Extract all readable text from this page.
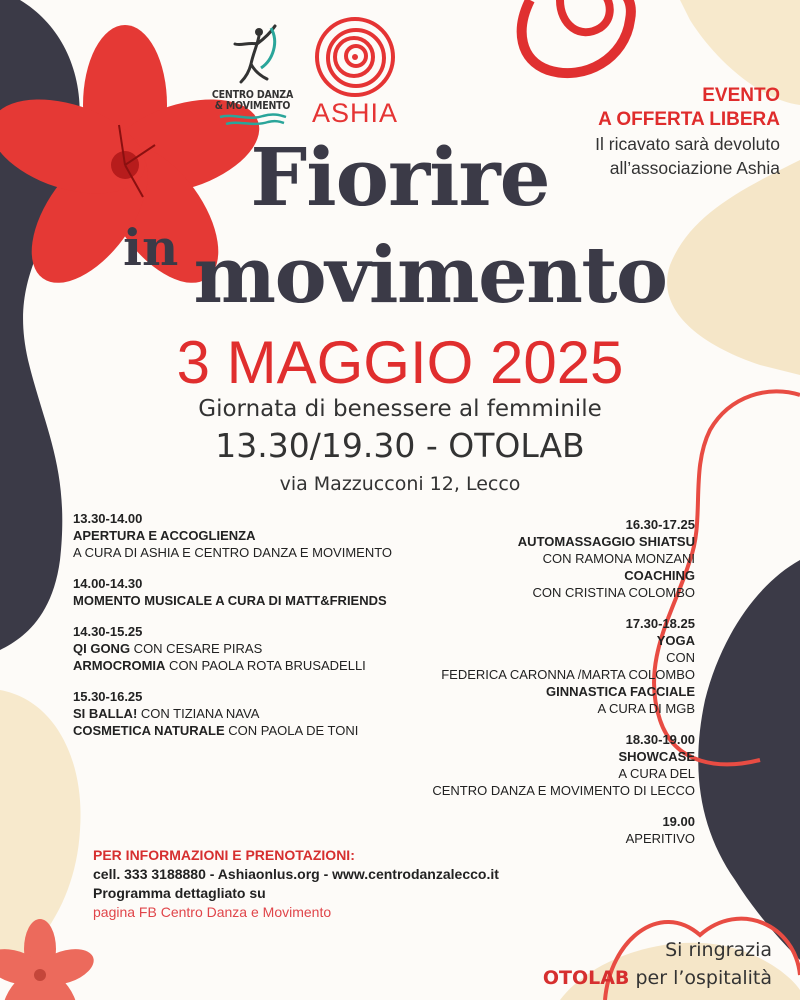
CENTRO DANZA
& MOVIMENTO ASHIA
EVENTO
A OFFERTA LIBERA
Il ricavato sarà devoluto
all’associazione Ashia
Fiorire
in movimento
3 MAGGIO 2025
Giornata di benessere al femminile
13.30/19.30 - OTOLAB
via Mazzucconi 12, Lecco
13.30-14.00
APERTURA E ACCOGLIENZA
A CURA DI ASHIA E CENTRO DANZA E MOVIMENTO
14.00-14.30
MOMENTO MUSICALE A CURA DI MATT&FRIENDS
14.30-15.25
QI GONG CON CESARE PIRAS
ARMOCROMIA CON PAOLA ROTA BRUSADELLI
15.30-16.25
SI BALLA! CON TIZIANA NAVA
COSMETICA NATURALE CON PAOLA DE TONI
16.30-17.25
AUTOMASSAGGIO SHIATSU
CON RAMONA MONZANI
COACHING
CON CRISTINA COLOMBO
17.30-18.25
YOGA
CON
FEDERICA CARONNA /MARTA COLOMBO
GINNASTICA FACCIALE
A CURA DI MGB
18.30-19.00
SHOWCASE
A CURA DEL
CENTRO DANZA E MOVIMENTO DI LECCO
19.00
APERITIVO
PER INFORMAZIONI E PRENOTAZIONI:
cell. 333 3188880 - Ashiaonlus.org - www.centrodanzalecco.it
Programma dettagliato su
pagina FB Centro Danza e Movimento
Si ringrazia
OTOLAB per l’ospitalità
